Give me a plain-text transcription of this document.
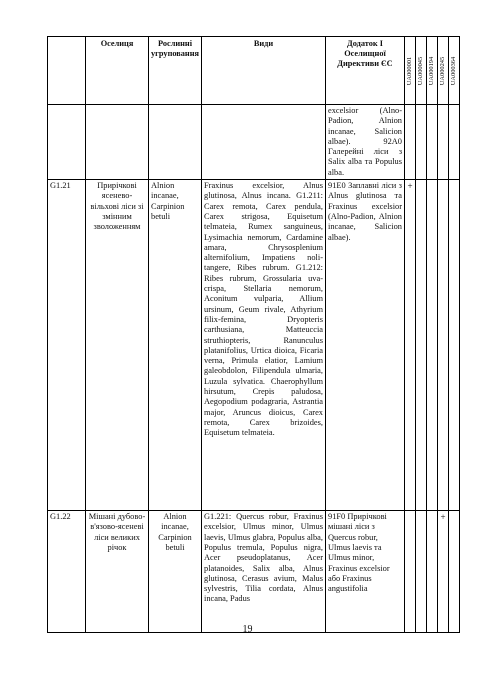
	Оселиця	Рослинні угруповання	Види	Додаток I Оселищної Директиви ЄС	UA000001	UA000045	UA000194	UA000245	UA000364

				excelsior (Alno-Padion, Alnion incanae, Salicion albae). 92A0 Галерейні ліси з Salix alba та Populus alba.					
G1.21	Прирічкові ясенево-вільхові ліси зі змінним зволоженням	Alnion incanae, Carpinion betuli	Fraxinus excelsior, Alnus glutinosa, Alnus incana. G1.211: Carex remota, Carex pendula, Carex strigosa, Equisetum telmateia, Rumex sanguineus, Lysimachia nemorum, Cardamine amara, Chrysosplenium alternifolium, Impatiens noli-tangere, Ribes rubrum. G1.212: Ribes rubrum, Grossularia uva-crispa, Stellaria nemorum, Aconitum vulparia, Allium ursinum, Geum rivale, Athyrium filix-femina, Dryopteris carthusiana, Matteuccia struthiopteris, Ranunculus platanifolius, Urtica dioica, Ficaria verna, Primula elatior, Lamium galeobdolon, Filipendula ulmaria, Luzula sylvatica. Chaerophyllum hirsutum, Crepis paludosa, Aegopodium podagraria, Astrantia major, Aruncus dioicus, Carex remota, Carex brizoides, Equisetum telmateia.	91E0 Заплавні ліси з Alnus glutinosa та Fraxinus excelsior (Alno-Padion, Alnion incanae, Salicion albae).	+				
G1.22	Мішані дубово-в'язово-ясеневі ліси великих річок	Alnion incanae, Carpinion betuli	G1.221: Quercus robur, Fraxinus excelsior, Ulmus minor, Ulmus laevis, Ulmus glabra, Populus alba, Populus tremula, Populus nigra, Acer pseudoplatanus, Acer platanoides, Salix alba, Alnus glutinosa, Cerasus avium, Malus sylvestris, Tilia cordata, Alnus incana, Padus	91F0 Прирічкові мішані ліси з Quercus robur, Ulmus laevis та Ulmus minor, Fraxinus excelsior або Fraxinus angustifolia				+	
19
